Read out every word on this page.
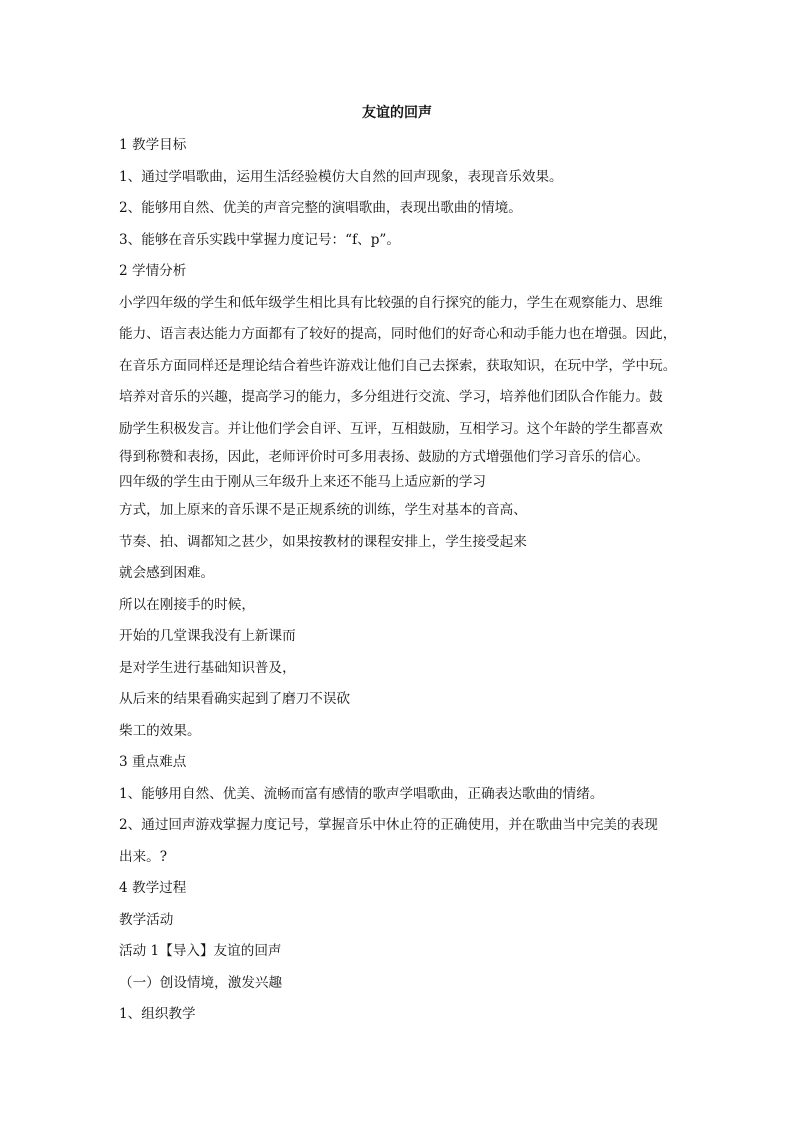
友谊的回声

1 教学目标

1、通过学唱歌曲，运用生活经验模仿大自然的回声现象，表现音乐效果。

2、能够用自然、优美的声音完整的演唱歌曲，表现出歌曲的情境。

3、能够在音乐实践中掌握力度记号：“f、p”。

2 学情分析

小学四年级的学生和低年级学生相比具有比较强的自行探究的能力，学生在观察能力、思维

能力、语言表达能力方面都有了较好的提高，同时他们的好奇心和动手能力也在增强。因此，

在音乐方面同样还是理论结合着些许游戏让他们自己去探索，获取知识，在玩中学，学中玩。

培养对音乐的兴趣，提高学习的能力，多分组进行交流、学习，培养他们团队合作能力。鼓

励学生积极发言。并让他们学会自评、互评，互相鼓励，互相学习。这个年龄的学生都喜欢

得到称赞和表扬，因此，老师评价时可多用表扬、鼓励的方式增强他们学习音乐的信心。

四年级的学生由于刚从三年级升上来还不能马上适应新的学习

方式，加上原来的音乐课不是正规系统的训练，学生对基本的音高、

节奏、拍、调都知之甚少，如果按教材的课程安排上，学生接受起来

就会感到困难。

所以在刚接手的时候，

开始的几堂课我没有上新课而

是对学生进行基础知识普及，

从后来的结果看确实起到了磨刀不误砍

柴工的效果。

3 重点难点

1、能够用自然、优美、流畅而富有感情的歌声学唱歌曲，正确表达歌曲的情绪。

2、通过回声游戏掌握力度记号，掌握音乐中休止符的正确使用，并在歌曲当中完美的表现

出来。?

4 教学过程

教学活动

活动 1【导入】友谊的回声

（一）创设情境，激发兴趣

1、组织教学
